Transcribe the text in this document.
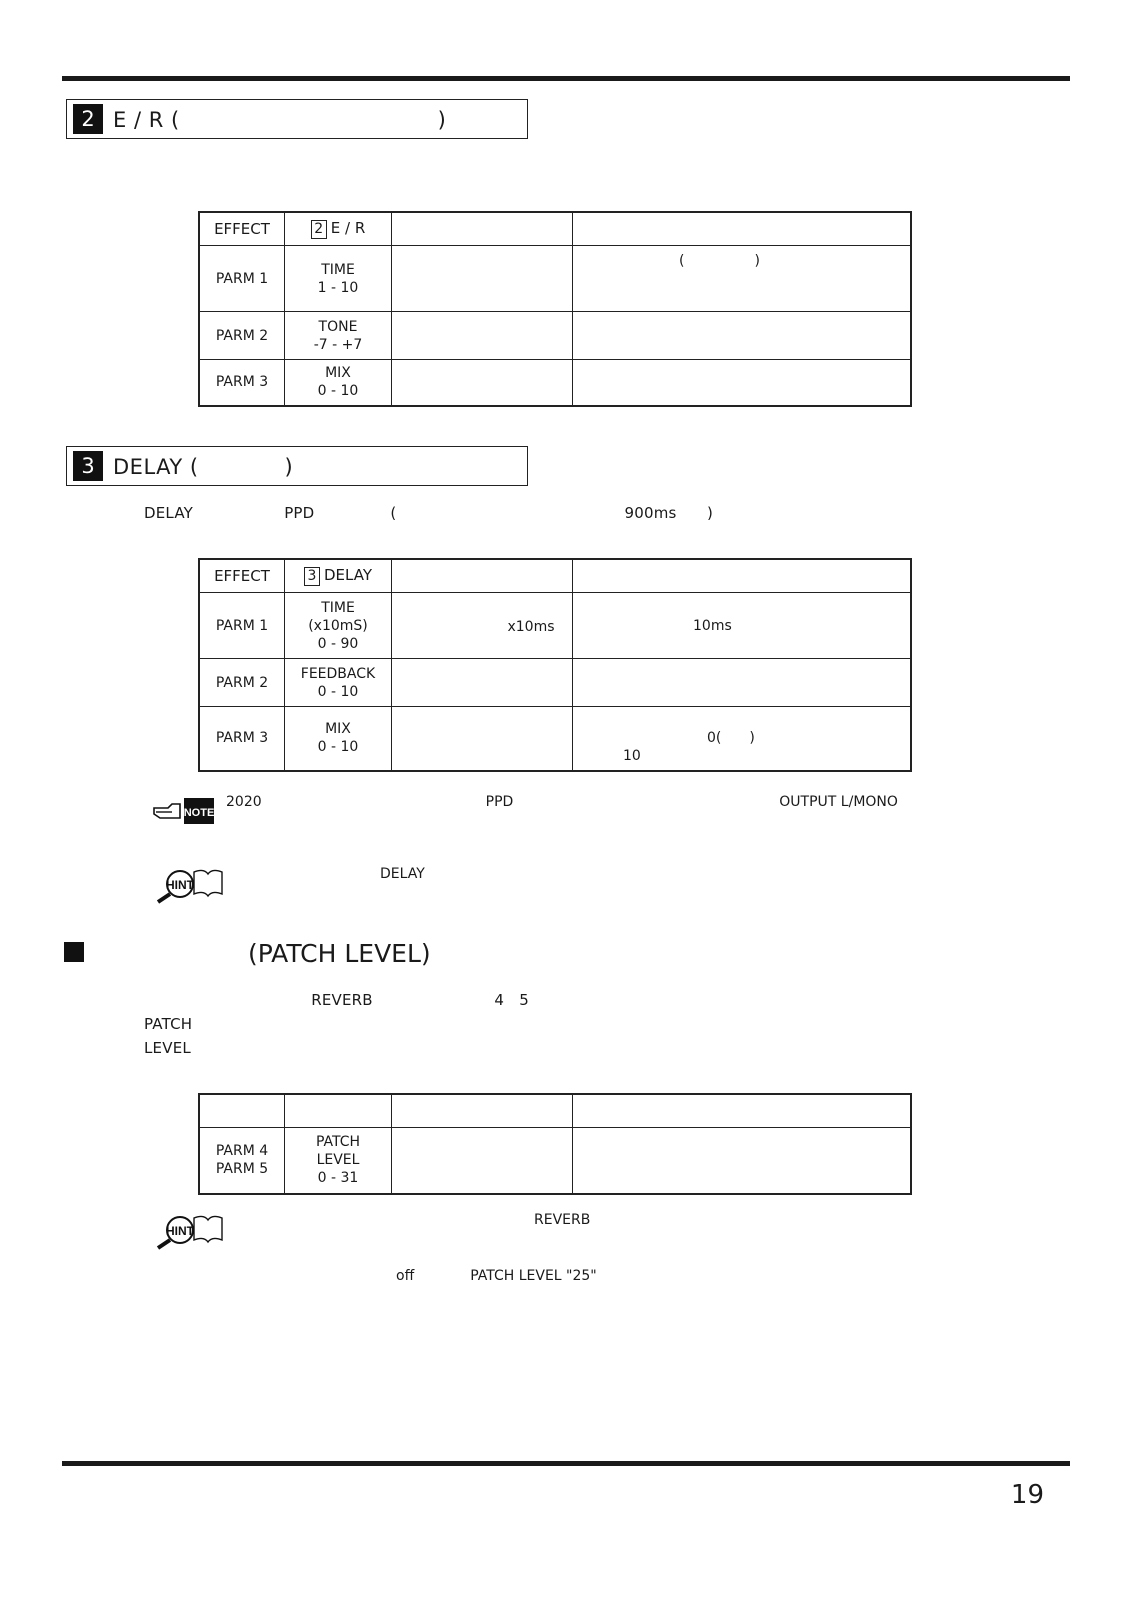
2 E / R (　　　　　　　　　　　　)

EFFECT	2 E / R	　　　　　　　　　　　　	　　
PARM 1	TIME
1 - 10	　　　	　　　　　　　(　　　　　)　　　　　　　　

PARM 2	TONE
-7 - +7	　　　	　　　　　　　　　　　　　　　　　　　　　　　

PARM 3	MIX
0 - 10	　　　　	　　　　　　　　　　　　　　　　　　　　　　　

3 DELAY (　　　　)
DELAY　　　　　　PPD　　　　　(　　　　　　　　　　　　　　　900ms　　)　　　　　　　　　　　　　　　
EFFECT	3 DELAY	　　　　	　　
PARM 1	TIME
(x10mS)
0 - 90	　　　　　　　x10ms	　　　　　　　　10ms　　　　　　　　　
PARM 2	FEEDBACK
0 - 10	　　　　　　　	　　　　　　　　　　　　　　　　　　　　　　　

PARM 3	MIX
0 - 10	　　　　	　　　　　　　　　　　　　　　　　　　　　　　
　　　　　　　　　0(　　)　　　　　　　　　　
　　　10　　　　　　　　　　　　　　　　　　　
NOTE
2020　　　　　　　　　　　　　　　　PPD　　　　　　　　　　　　　　　　　　　OUTPUT L/MONO　　　　　　

HINT
　　　　　　　　　　　DELAY　　　　　　　　　　　　　　　　　　　　　　　　　　　　　　　　　　　　　

　　　　　　 (PATCH LEVEL)
　　　　　　　　　　　REVERB　　　　　　　　4　5　　　　　　　　　　　　　　　　　　　　　　　　　　　PATCH
LEVEL　　　　　　　　　　　　　　　　　　　　　　　　　　　　　　　　　　　　　　　　　　　　　　　　

PARM 4
PARM 5	PATCH
LEVEL
0 - 31	　　　　　　	　　　　　　　　　　　　　　　　　　　　
HINT
　　　　　　　　　　　　　　　　　　　　　　REVERB　　　　　　　　　　　　　　　　　　　　　　　　　　　　　　

　　　　　　　　　　　　off　　　　PATCH LEVEL "25"　　　　　　　　　　　　　　　　　　　

19
